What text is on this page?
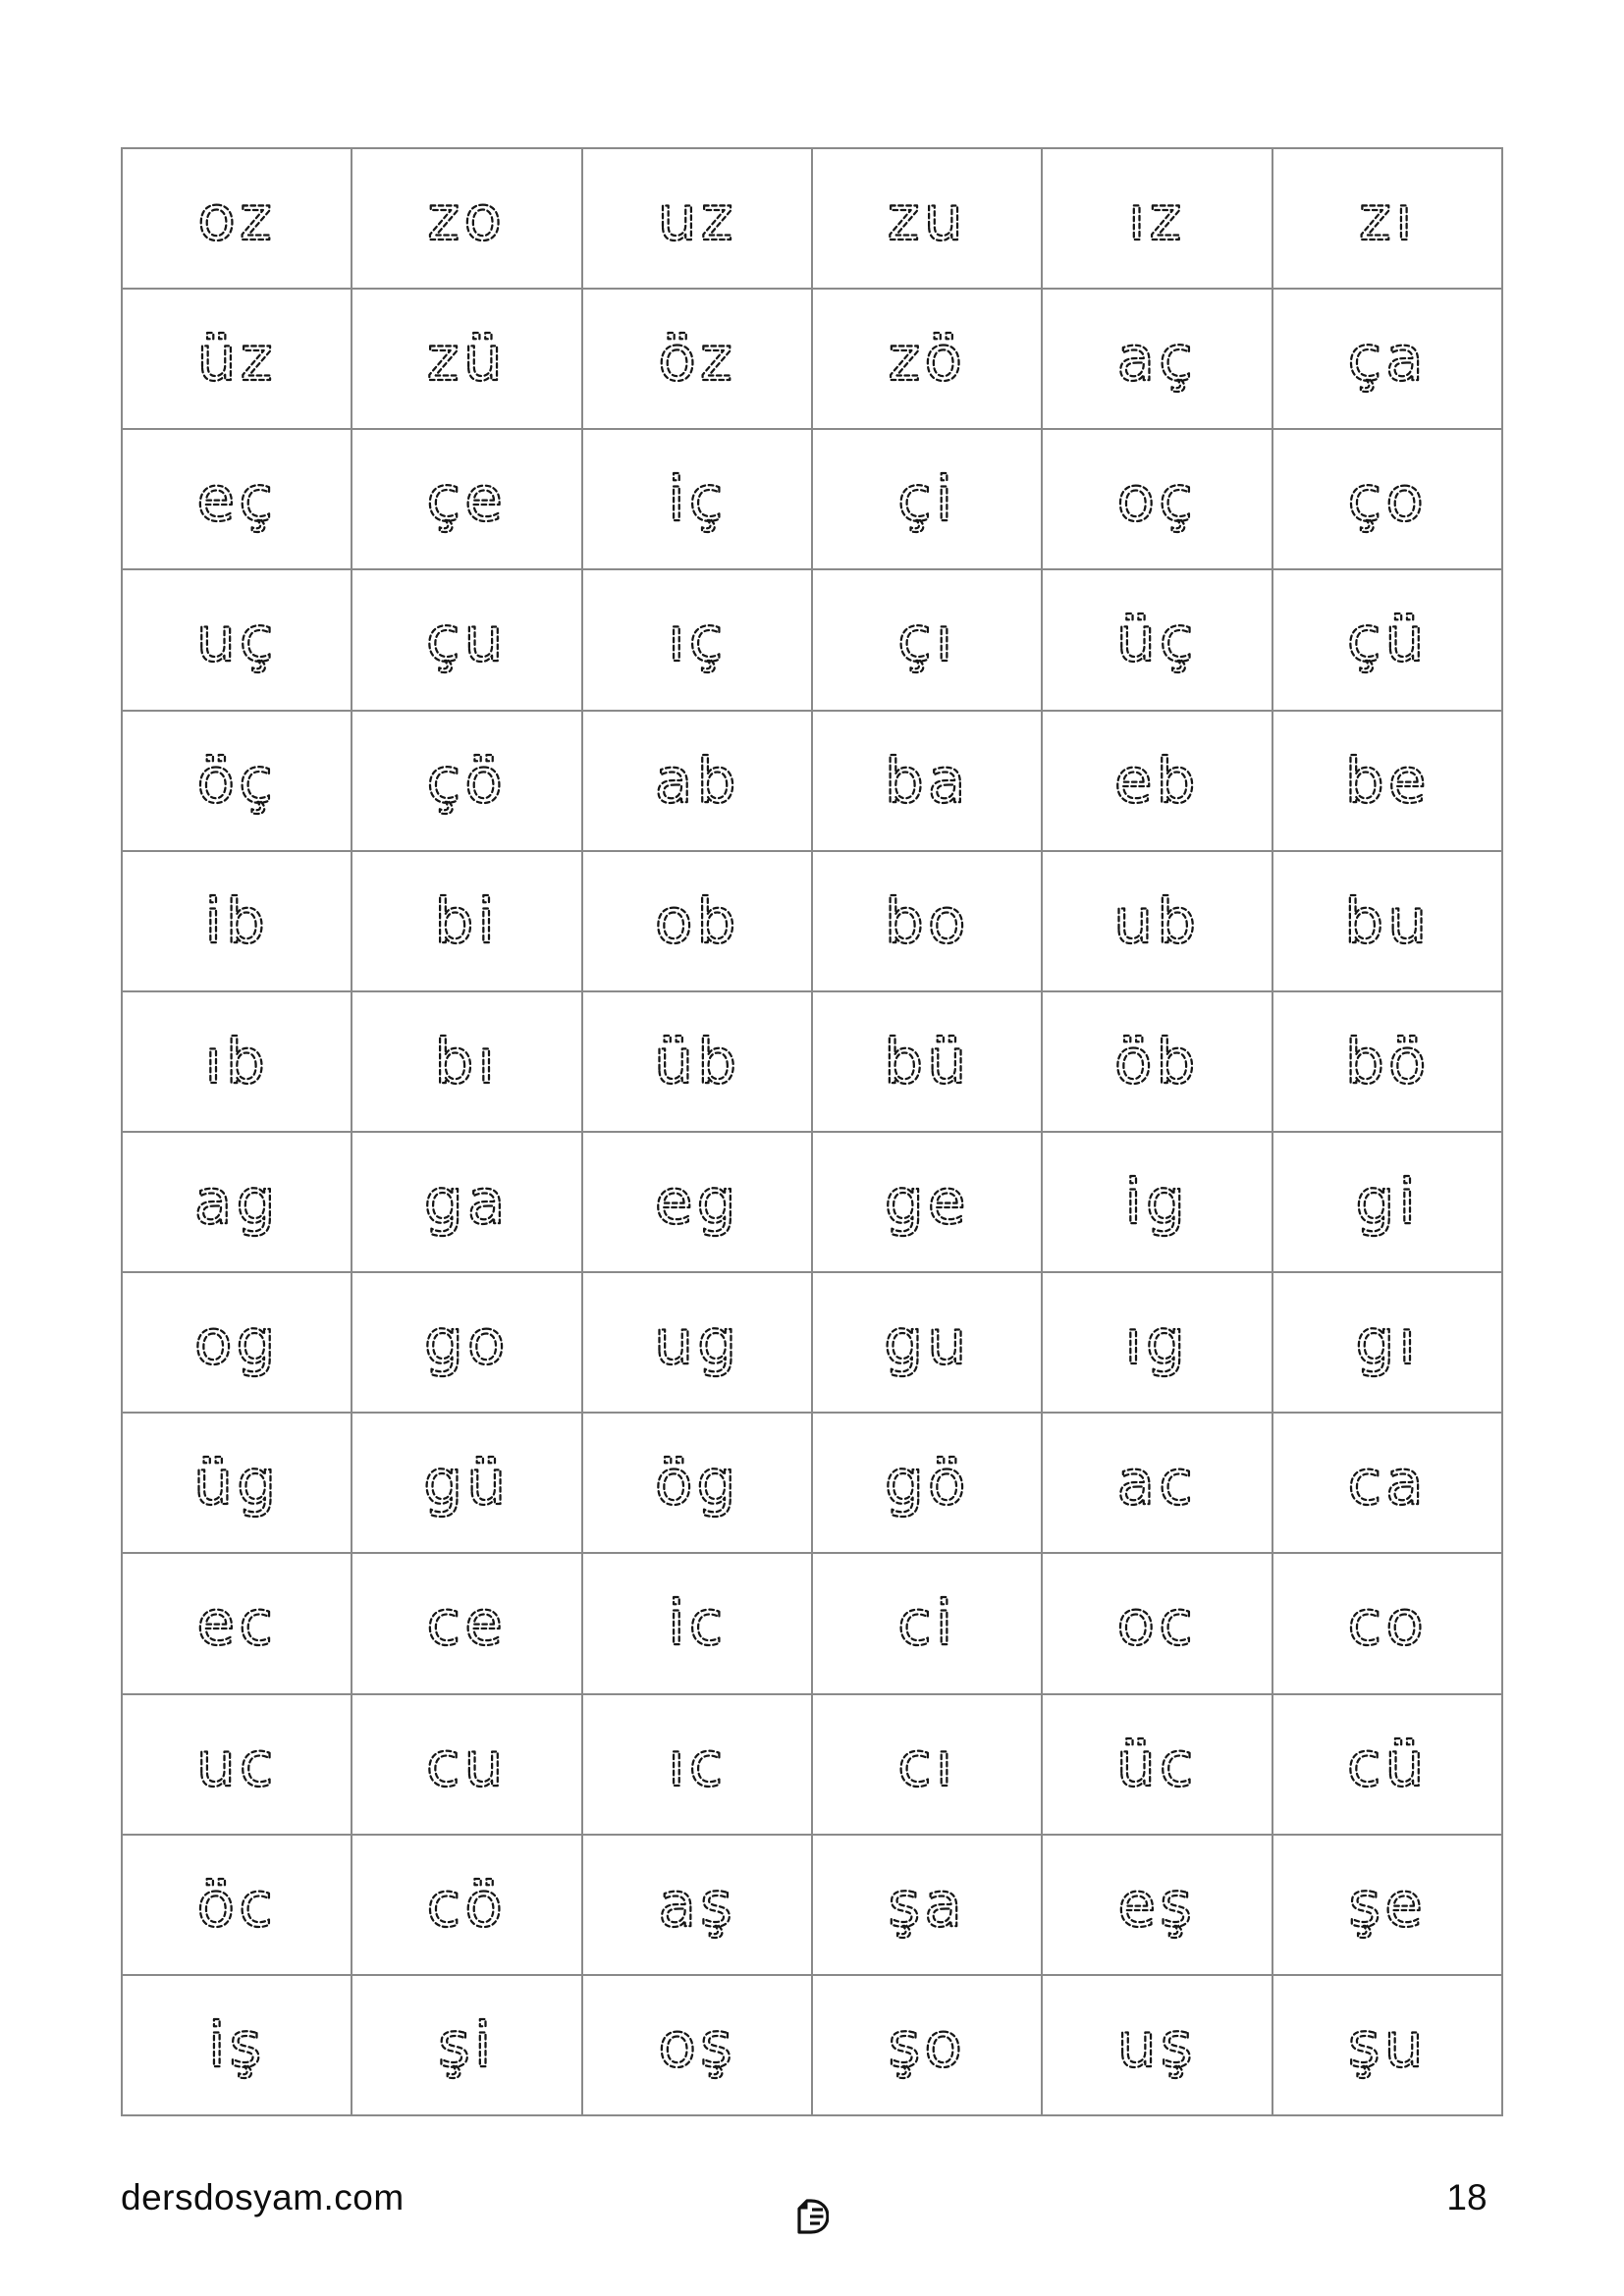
oz zo uz zu	ız	zı
üz zü öz zö aç ça
eç çe	iç	çi	oç ço
uç çu	ıç	çı	üç çü
öç çö ab ba eb be
ib	bi ob bo ub bu
ıb	bı üb bü öb bö
ag ga eg ge ig	gi
og go ug gu ıg	gı
üg gü ög gö ac ca
ec ce	ic	ci	oc co
uc cu	ıc	cı	üc cü
öc cö aş şa eş şe
iş	şi	oş şo uş şu
dersdosyam.com	18
